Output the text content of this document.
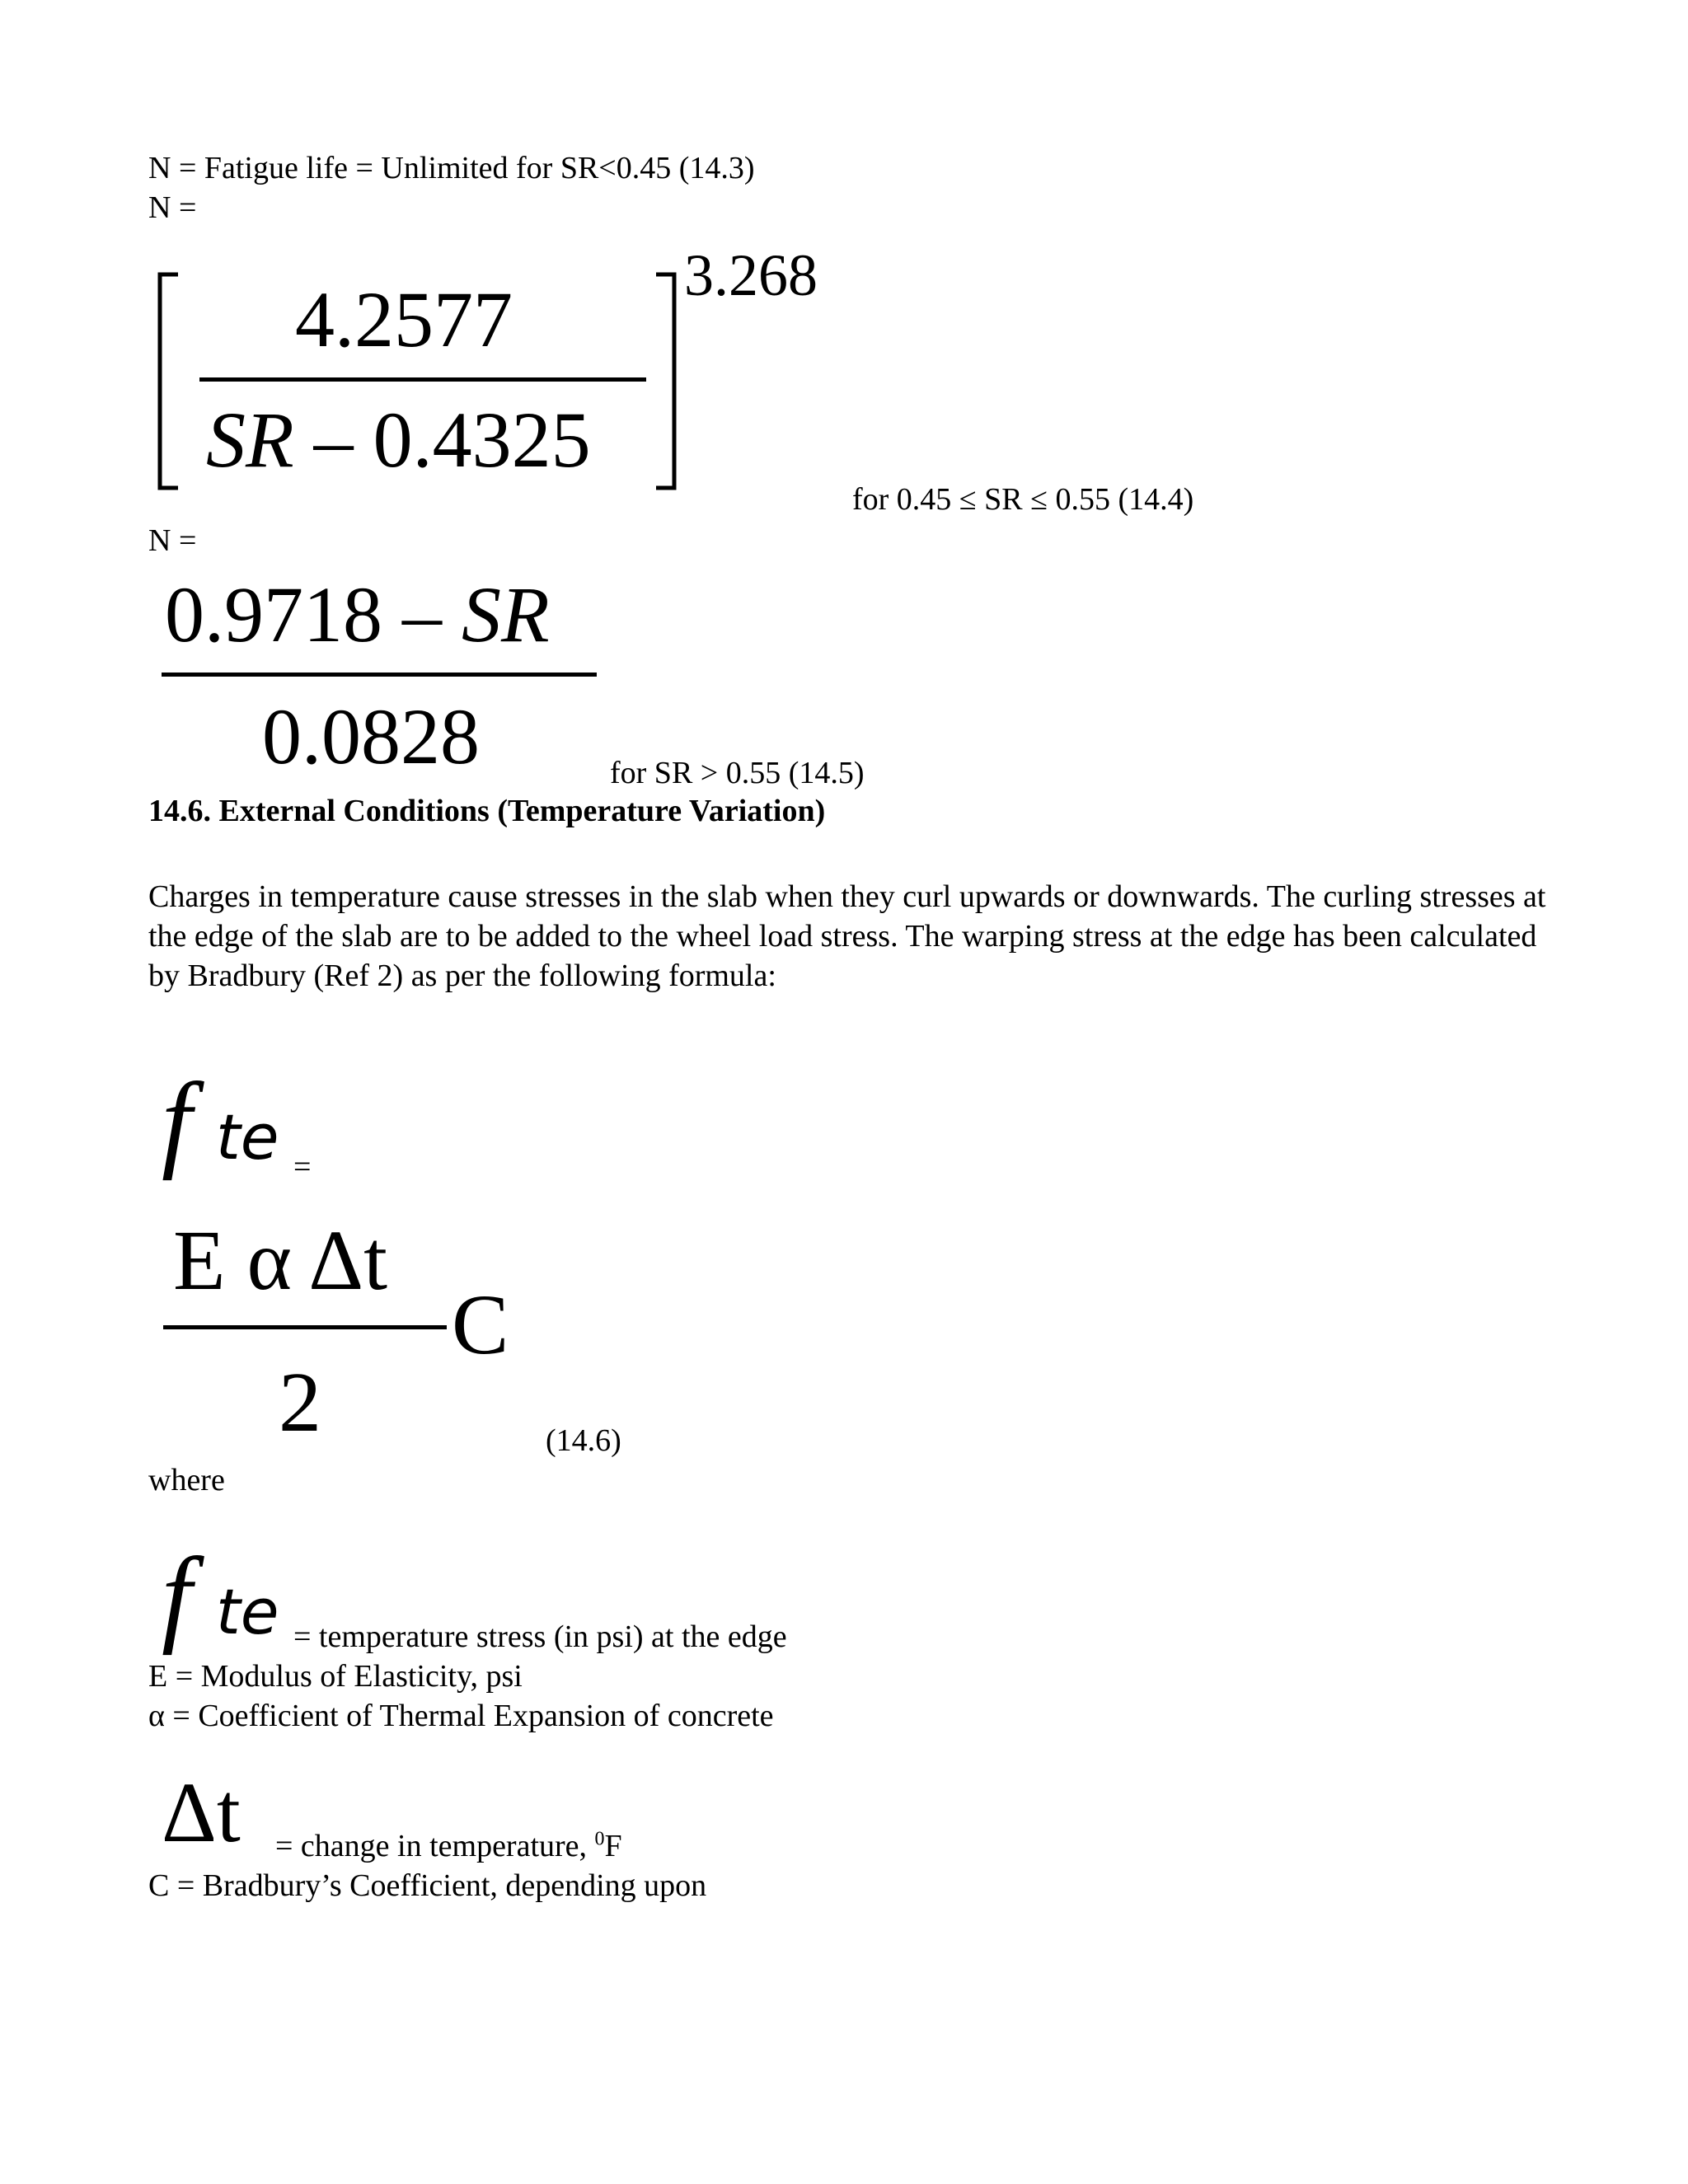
N = Fatigue life = Unlimited for SR<0.45 (14.3)
N =
4.2577
SR – 0.4325
3.268
for 0.45 ≤ SR ≤ 0.55 (14.4)
N =
0.9718 – SR
0.0828	for SR > 0.55 (14.5)
14.6. External Conditions (Temperature Variation)
Charges in temperature cause stresses in the slab when they curl upwards or downwards. The curling stresses at the edge of the slab are to be added to the wheel load stress. The warping stress at the edge has been calculated by Bradbury (Ref 2) as per the following formula:
f te =
E α Δt
C
2	(14.6)
where
f te = temperature stress (in psi) at the edge
E = Modulus of Elasticity, psi
α = Coefficient of Thermal Expansion of concrete
Δt = change in temperature, $^0$F
C = Bradbury’s Coefficient, depending upon
